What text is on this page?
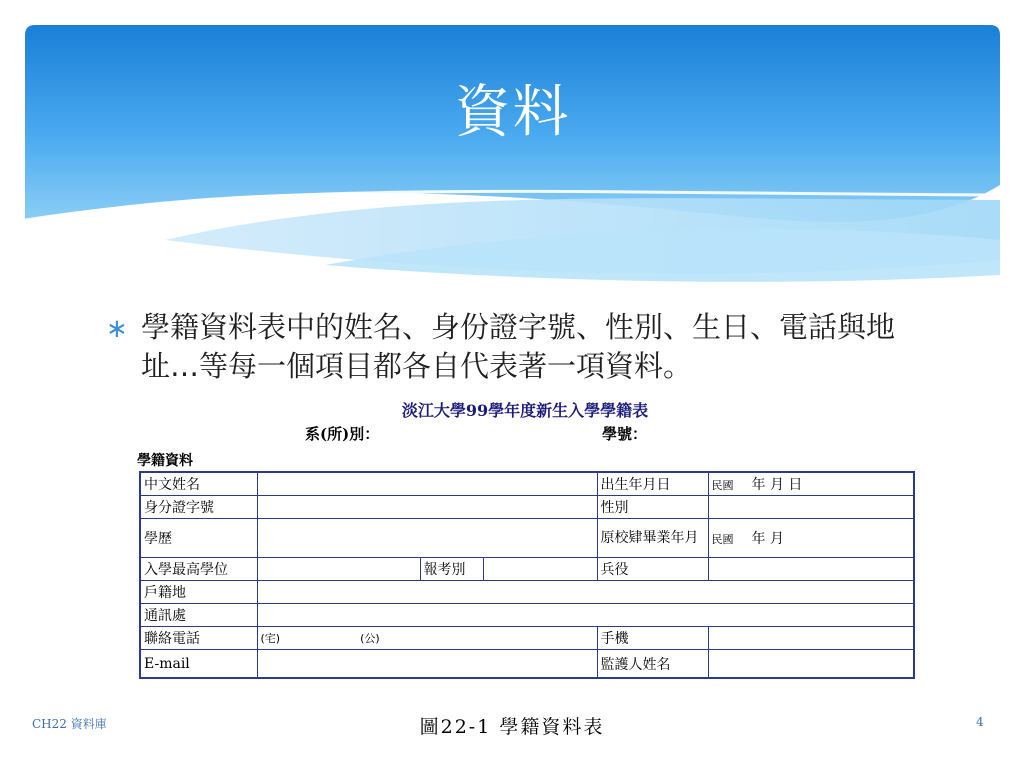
資料
∗ 學籍資料表中的姓名、身份證字號、性別、生日、電話與地址…等每一個項目都各自代表著一項資料。
淡江大學99學年度新生入學學籍表
系(所)別：	學號：
學籍資料
中文姓名				出生年月日	民國 年 月 日
身分證字號				性別	
學歷				原校肄畢業年月	民國 年 月
入學最高學位		報考別		兵役	
戶籍地					
通訊處					
聯絡電話	(宅) (公)			手機	
E-mail				監護人姓名	
圖22-1 學籍資料表
CH22 資料庫	4
